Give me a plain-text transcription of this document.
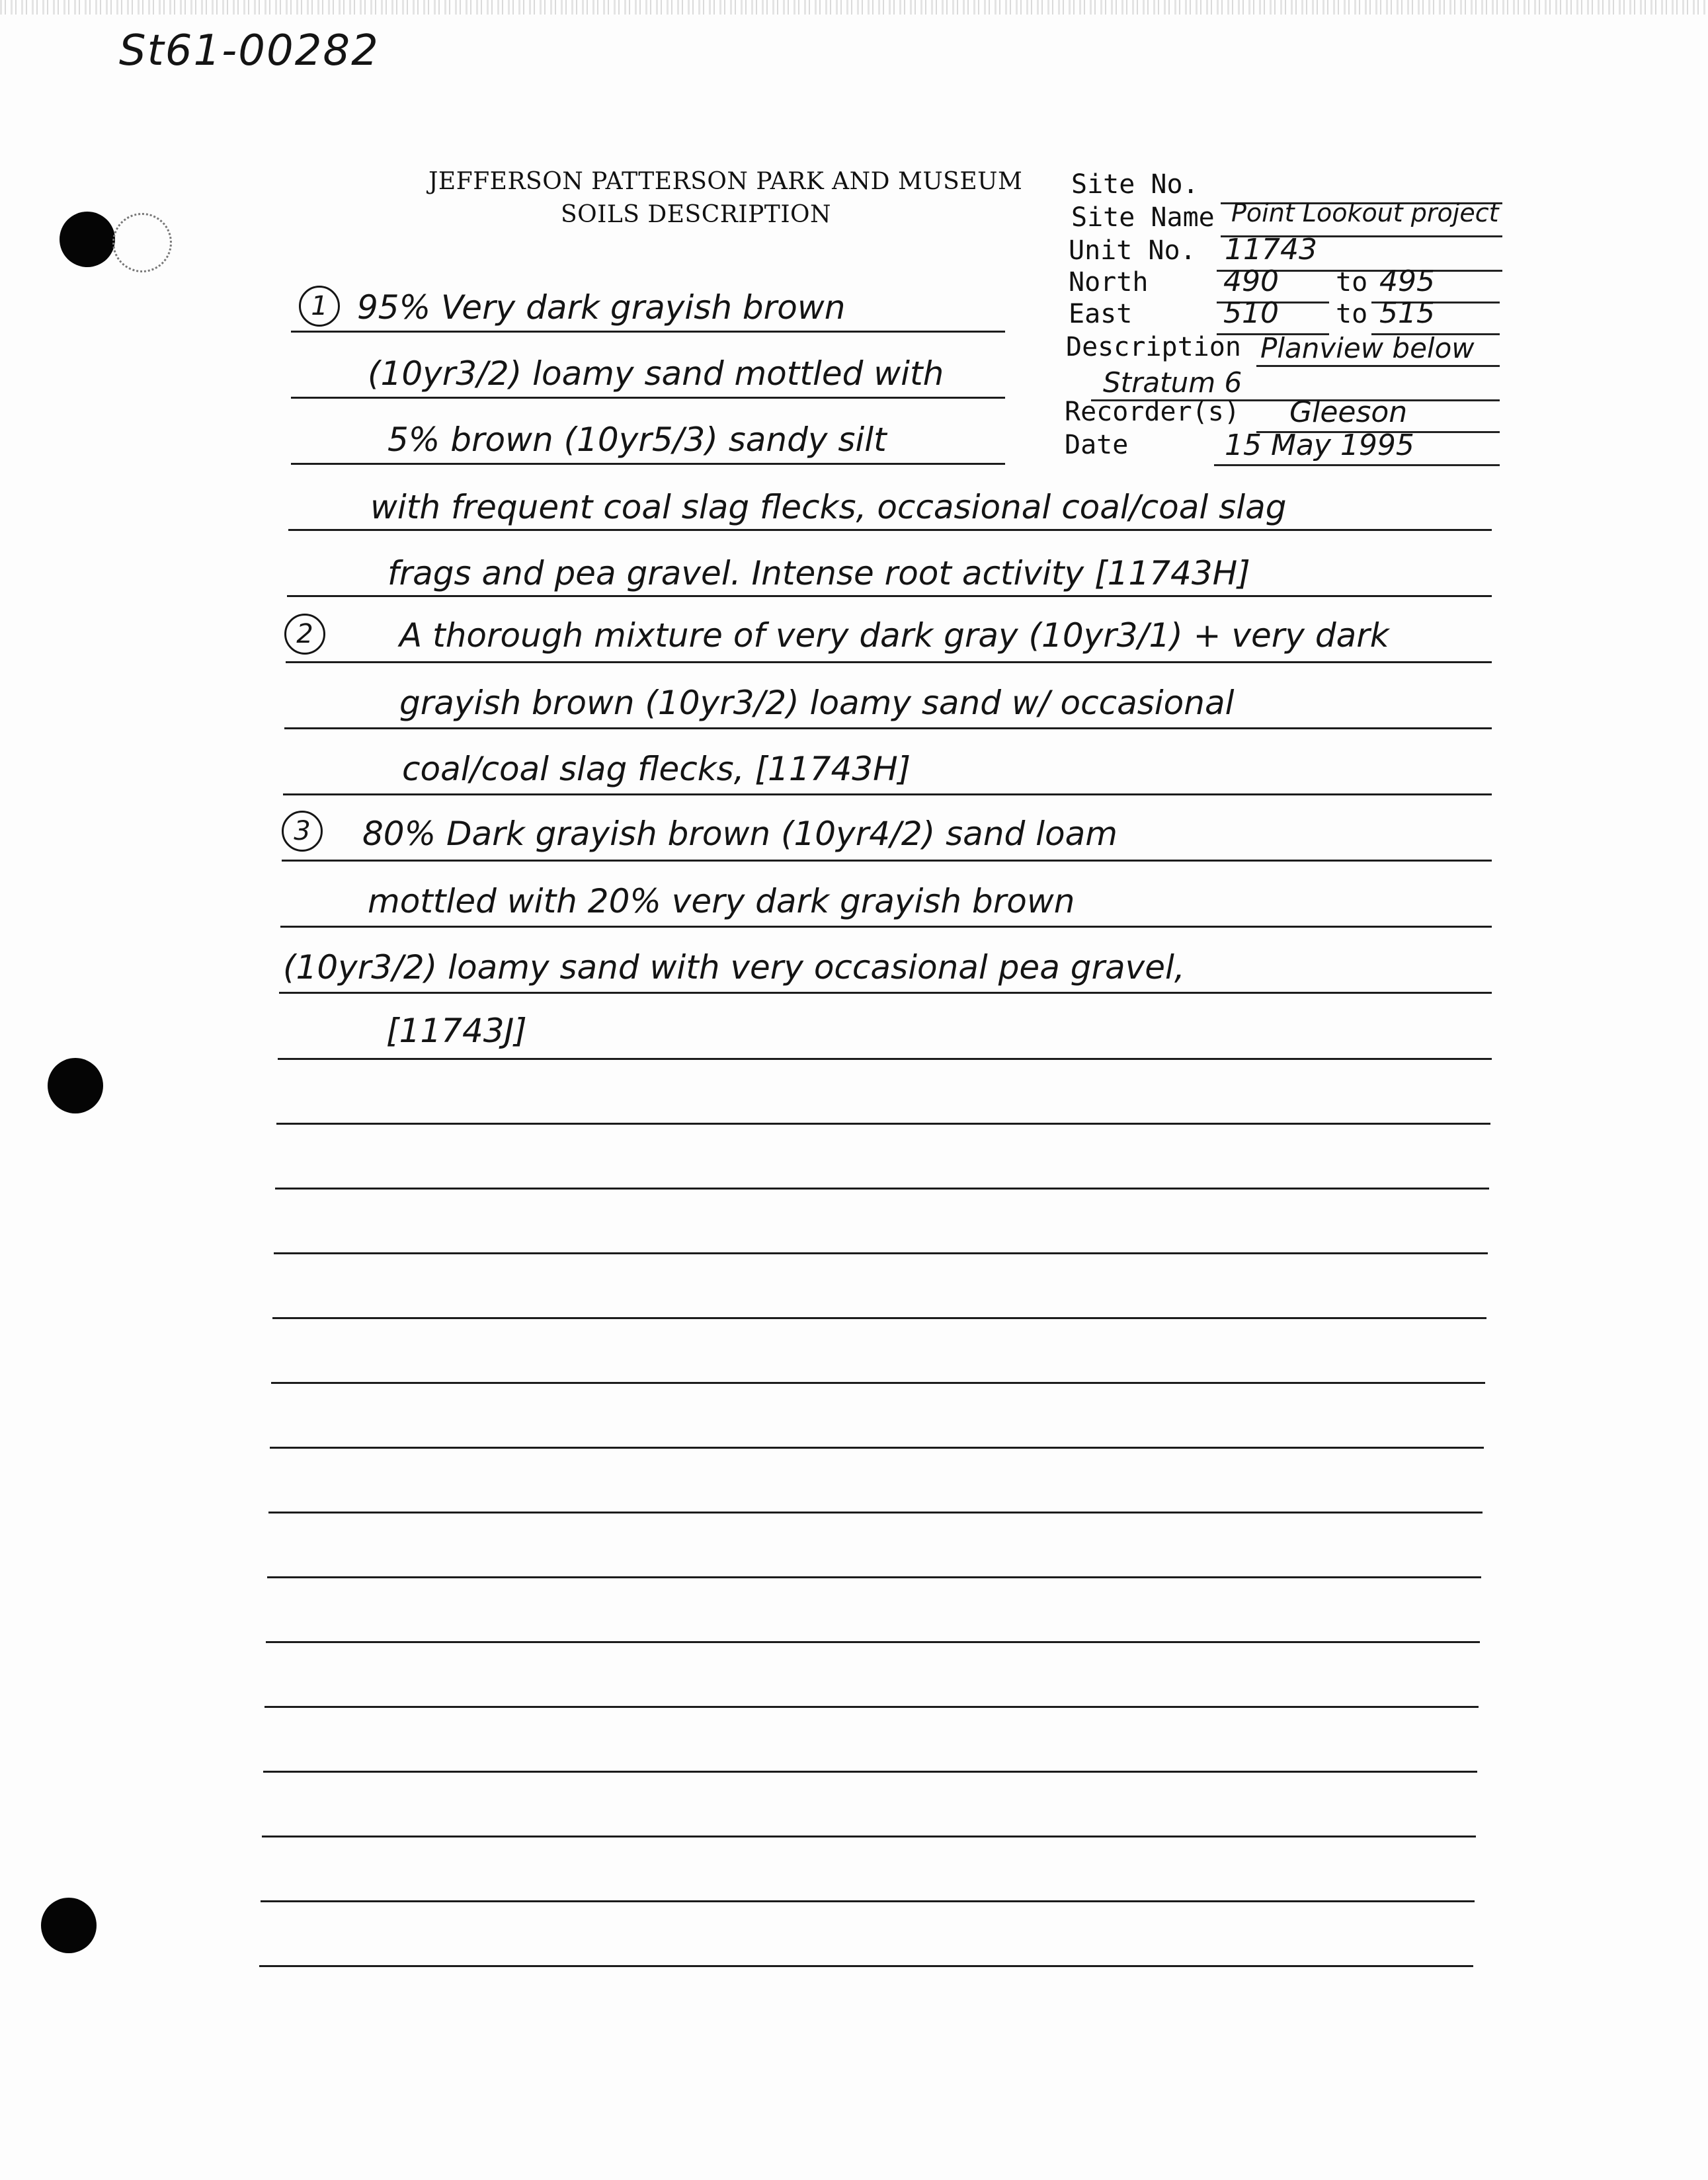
St61-00282
JEFFERSON PATTERSON PARK AND MUSEUM
SOILS DESCRIPTION
Site No.
Site Name Point Lookout project
Unit No. 11743
North	490 to 495
East	510 to 515
Description Planview below
Stratum 6
Recorder(s) Gleeson
Date	15 May 1995
1 95% Very dark grayish brown
(10yr3/2) loamy sand mottled with
5% brown (10yr5/3) sandy silt
with frequent coal slag flecks, occasional coal/coal slag
frags and pea gravel. Intense root activity [11743H]
2	A thorough mixture of very dark gray (10yr3/1) + very dark
grayish brown (10yr3/2) loamy sand w/ occasional
coal/coal slag flecks, [11743H]
3	80% Dark grayish brown (10yr4/2) sand loam
mottled with 20% very dark grayish brown
(10yr3/2) loamy sand with very occasional pea gravel,
[11743J]
